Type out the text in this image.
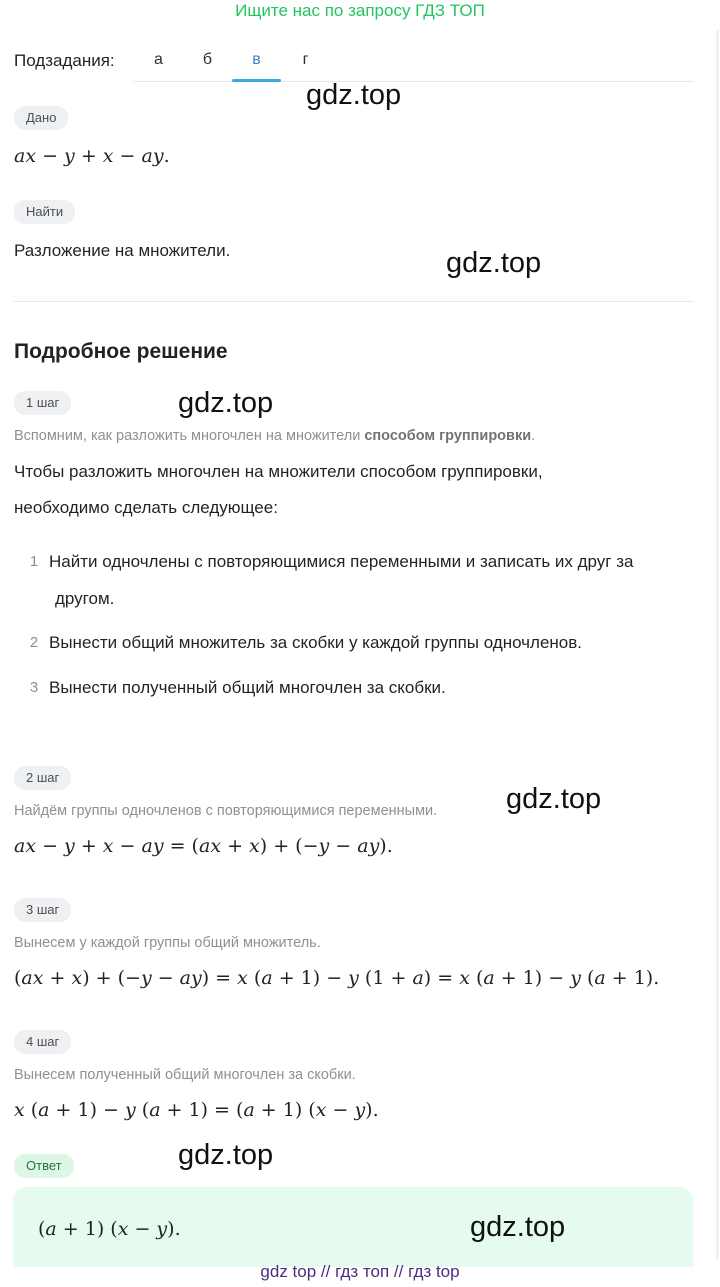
Ищите нас по запросу ГДЗ ТОП
Подзадания:	а	б	в	г
Дано
ax − y + x − ay.
Найти
Разложение на множители.
Подробное решение
1 шаг
Вспомним, как разложить многочлен на множители способом группировки.
Чтобы разложить многочлен на множители способом группировки,
необходимо сделать следующее:
1 Найти одночлены с повторяющимися переменными и записать их друг за
другом.
2 Вынести общий множитель за скобки у каждой группы одночленов.
3 Вынести полученный общий многочлен за скобки.
2 шаг
Найдём группы одночленов с повторяющимися переменными.
ax − y + x − ay = (ax + x) + (−y − ay).
3 шаг
Вынесем у каждой группы общий множитель.
(ax + x) + (−y − ay) = x (a + 1) − y (1 + a) = x (a + 1) − y (a + 1).
4 шаг
Вынесем полученный общий многочлен за скобки.
x (a + 1) − y (a + 1) = (a + 1) (x − y).
Ответ
(a + 1) (x − y).
gdz.top
gdz.top
gdz.top
gdz.top
gdz.top
gdz.top
gdz top // гдз топ // гдз top
